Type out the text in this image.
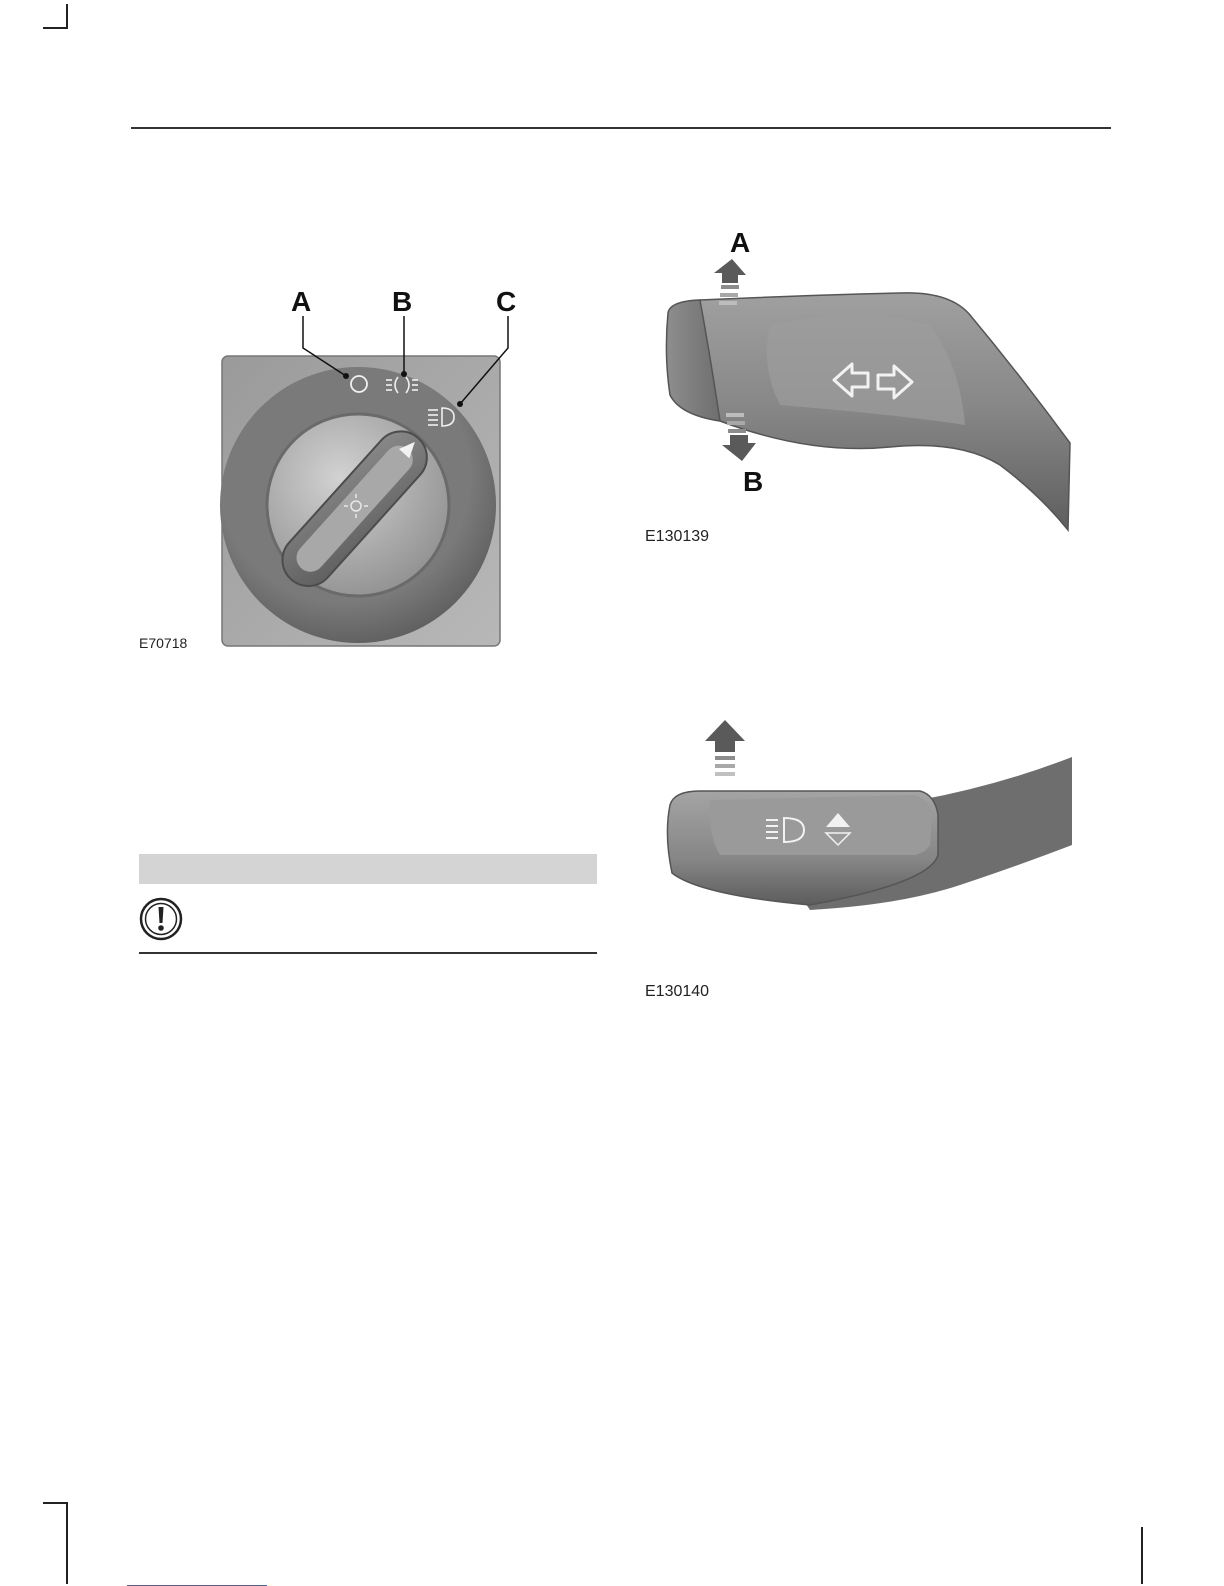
A	B	C
E70718
A
B
E130139
E130140
